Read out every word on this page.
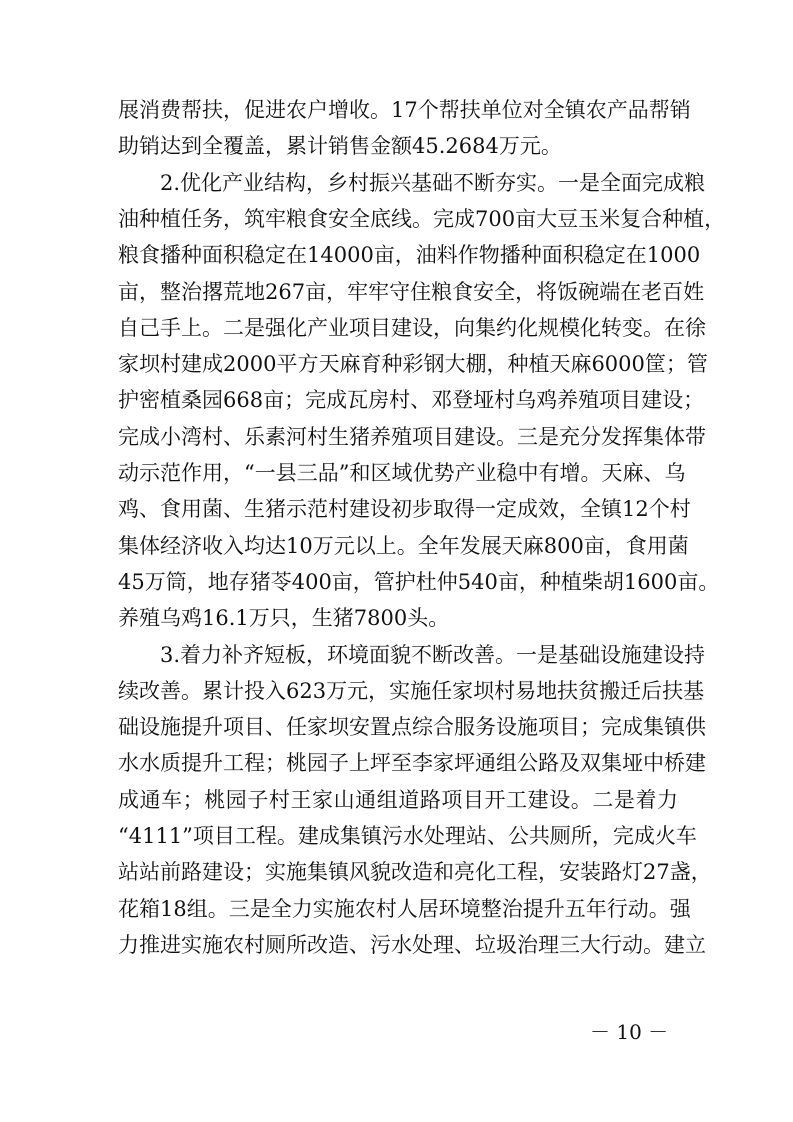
展消费帮扶，促进农户增收。17个帮扶单位对全镇农产品帮销
助销达到全覆盖，累计销售金额45.2684万元。
2.优化产业结构，乡村振兴基础不断夯实。一是全面完成粮
油种植任务，筑牢粮食安全底线。完成700亩大豆玉米复合种植，
粮食播种面积稳定在14000亩，油料作物播种面积稳定在1000
亩，整治撂荒地267亩，牢牢守住粮食安全，将饭碗端在老百姓
自己手上。二是强化产业项目建设，向集约化规模化转变。在徐
家坝村建成2000平方天麻育种彩钢大棚，种植天麻6000筐；管
护密植桑园668亩；完成瓦房村、邓登垭村乌鸡养殖项目建设；
完成小湾村、乐素河村生猪养殖项目建设。三是充分发挥集体带
动示范作用，“一县三品”和区域优势产业稳中有增。天麻、乌
鸡、食用菌、生猪示范村建设初步取得一定成效，全镇12个村
集体经济收入均达10万元以上。全年发展天麻800亩，食用菌
45万筒，地存猪苓400亩，管护杜仲540亩，种植柴胡1600亩。
养殖乌鸡16.1万只，生猪7800头。
3.着力补齐短板，环境面貌不断改善。一是基础设施建设持
续改善。累计投入623万元，实施任家坝村易地扶贫搬迁后扶基
础设施提升项目、任家坝安置点综合服务设施项目；完成集镇供
水水质提升工程；桃园子上坪至李家坪通组公路及双集垭中桥建
成通车；桃园子村王家山通组道路项目开工建设。二是着力
－ 10 －
“4111”项目工程。建成集镇污水处理站、公共厕所，完成火车
站站前路建设；实施集镇风貌改造和亮化工程，安装路灯27盏，
花箱18组。三是全力实施农村人居环境整治提升五年行动。强
力推进实施农村厕所改造、污水处理、垃圾治理三大行动。建立
